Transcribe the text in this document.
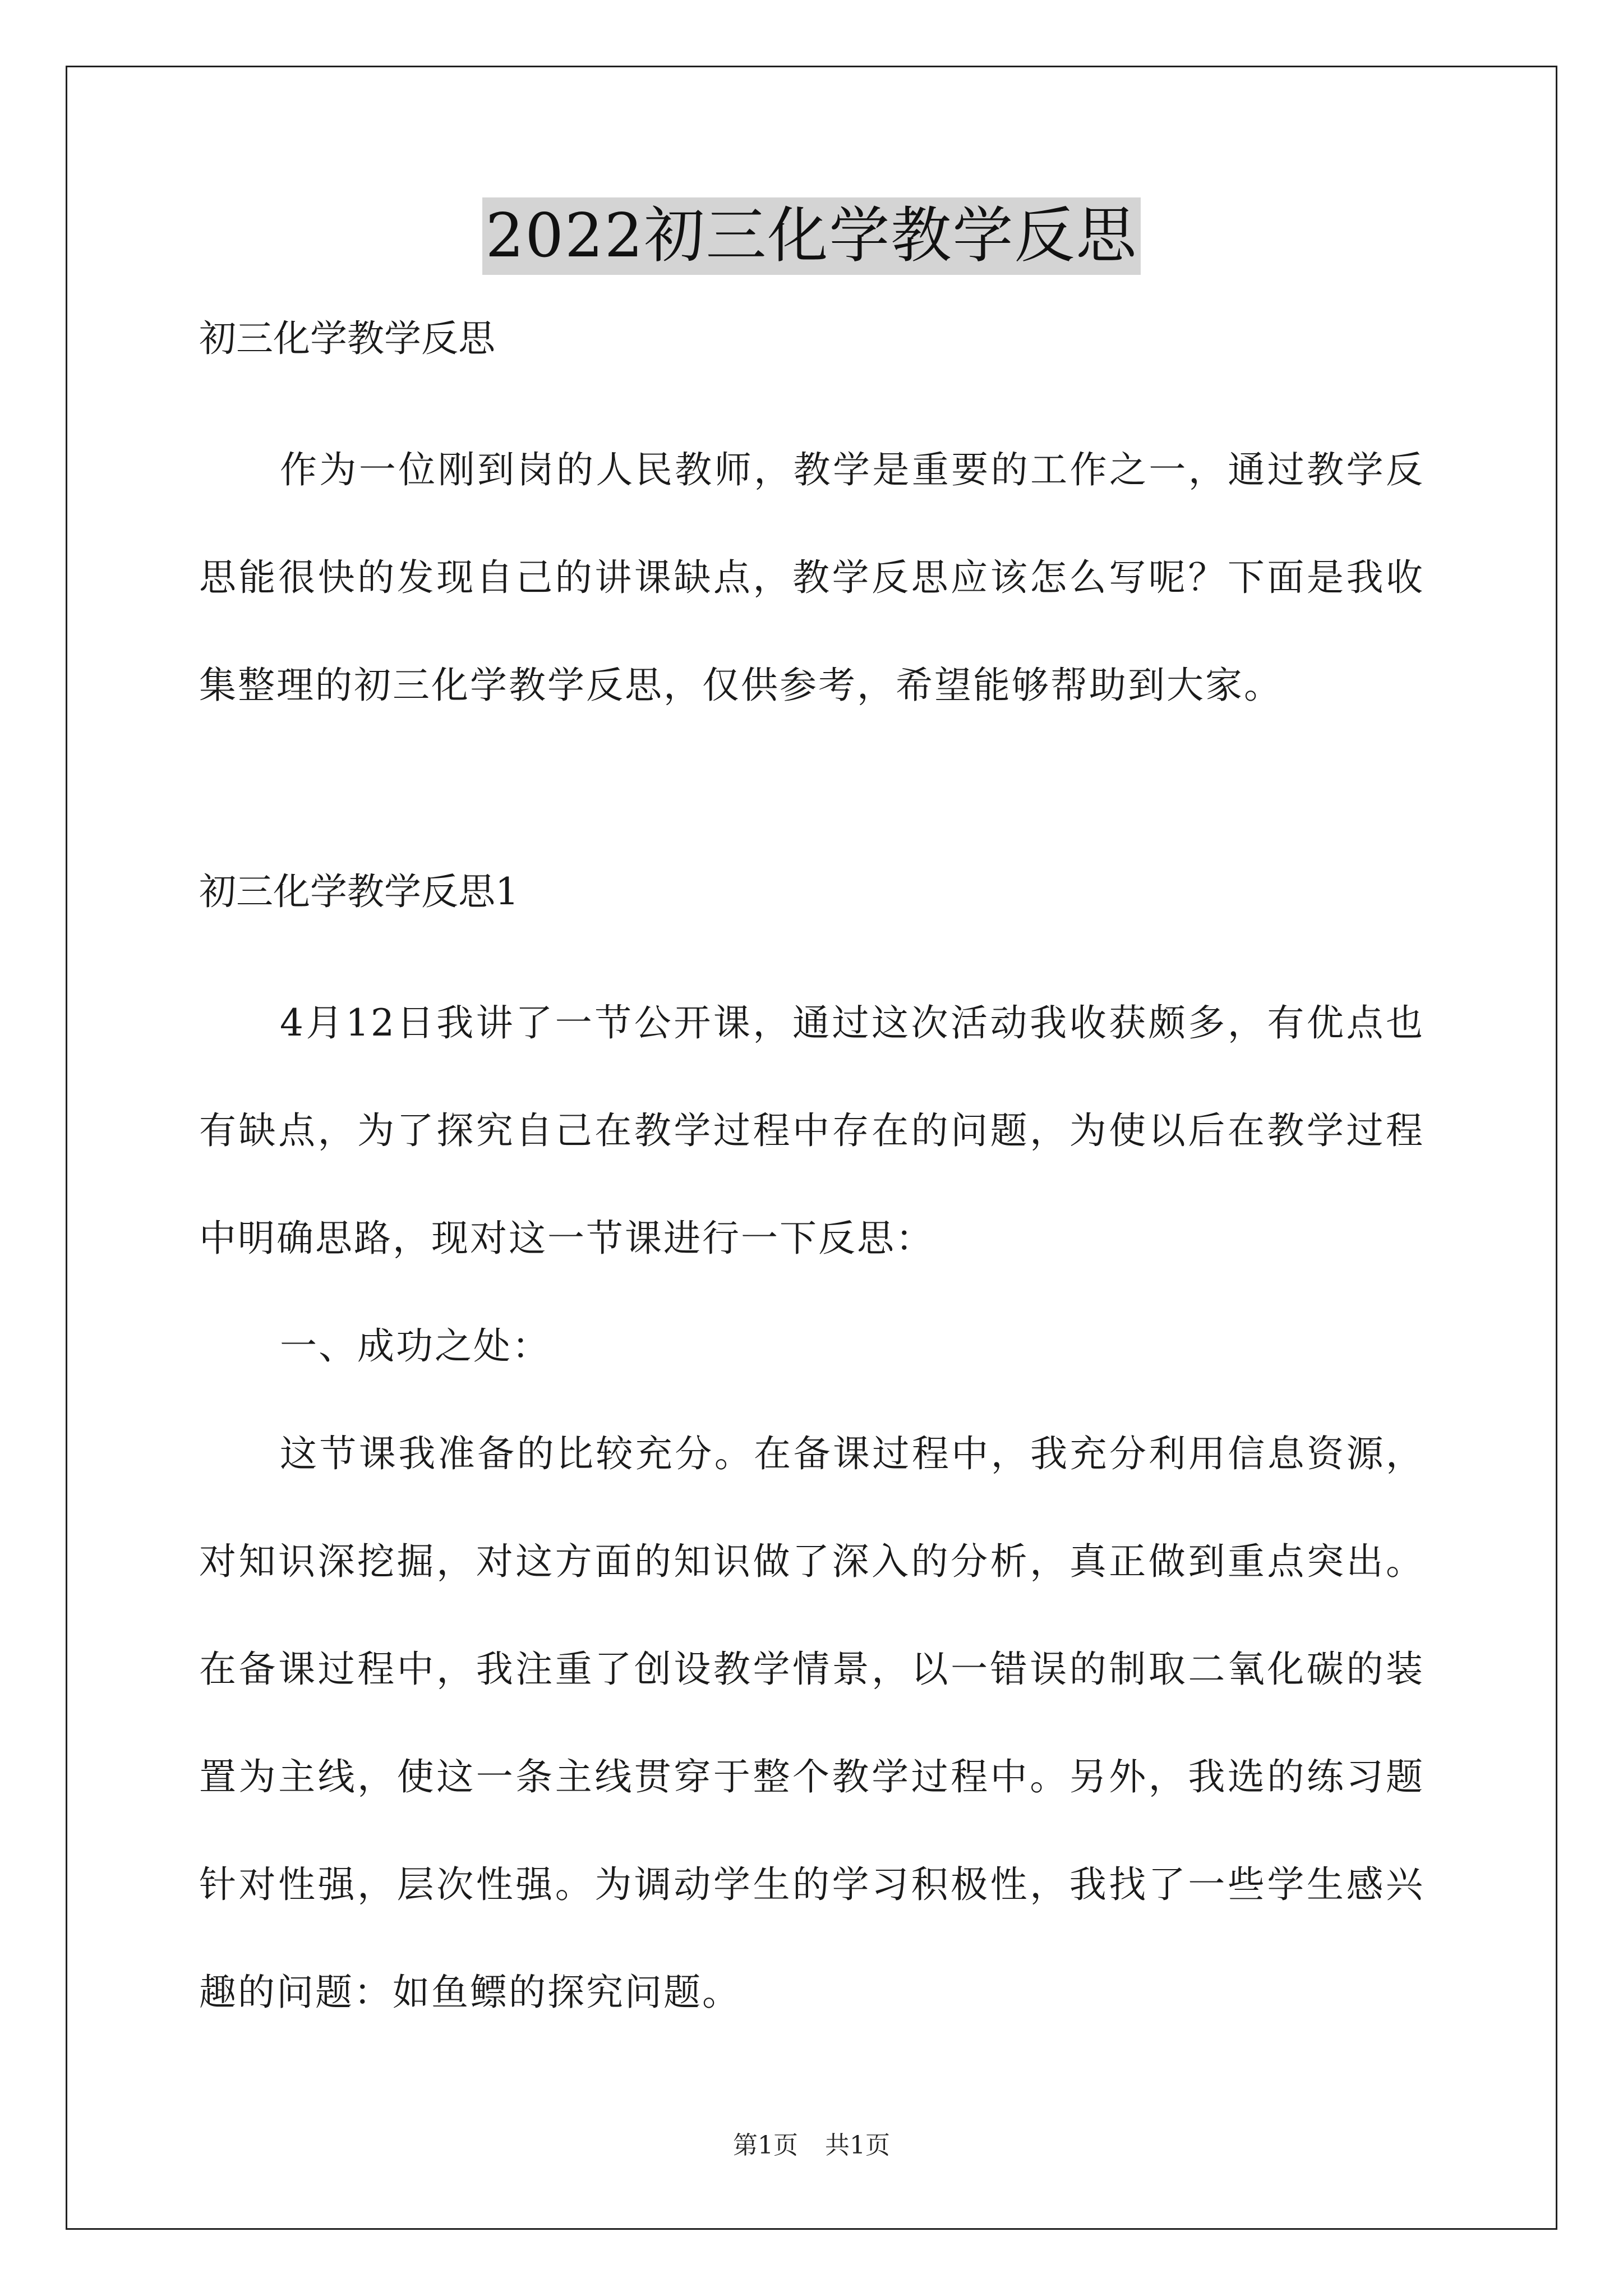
2022初三化学教学反思

初三化学教学反思

作为一位刚到岗的人民教师，教学是重要的工作之一，通过教学反思能很快的发现自己的讲课缺点，教学反思应该怎么写呢？下面是我收集整理的初三化学教学反思，仅供参考，希望能够帮助到大家。

初三化学教学反思1

4月12日我讲了一节公开课，通过这次活动我收获颇多，有优点也有缺点，为了探究自己在教学过程中存在的问题，为使以后在教学过程中明确思路，现对这一节课进行一下反思：

一、成功之处：

这节课我准备的比较充分。在备课过程中，我充分利用信息资源，对知识深挖掘，对这方面的知识做了深入的分析，真正做到重点突出。在备课过程中，我注重了创设教学情景，以一错误的制取二氧化碳的装置为主线，使这一条主线贯穿于整个教学过程中。另外，我选的练习题针对性强，层次性强。为调动学生的学习积极性，我找了一些学生感兴趣的问题：如鱼鳔的探究问题。

第1页 共1页
